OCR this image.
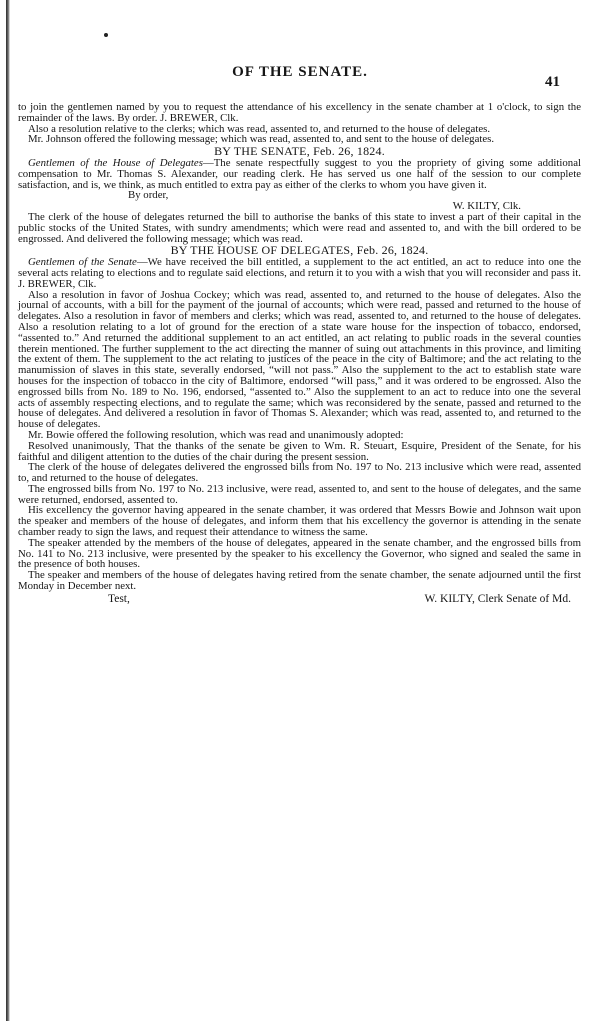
OF THE SENATE.
41

to join the gentlemen named by you to request the attendance of his excellency in the senate chamber at 1 o'clock, to sign the remainder of the laws. By order. J. BREWER, Clk.

Also a resolution relative to the clerks; which was read, assented to, and returned to the house of delegates.

Mr. Johnson offered the following message; which was read, assented to, and sent to the house of delegates.

BY THE SENATE, Feb. 26, 1824.

Gentlemen of the House of Delegates—The senate respectfully suggest to you the propriety of giving some additional compensation to Mr. Thomas S. Alexander, our reading clerk. He has served us one half of the session to our complete satisfaction, and is, we think, as much entitled to extra pay as either of the clerks to whom you have given it.

By order,

W. KILTY, Clk.

The clerk of the house of delegates returned the bill to authorise the banks of this state to invest a part of their capital in the public stocks of the United States, with sundry amendments; which were read and assented to, and with the bill ordered to be engrossed. And delivered the following message; which was read.

BY THE HOUSE OF DELEGATES, Feb. 26, 1824.

Gentlemen of the Senate—We have received the bill entitled, a supplement to the act entitled, an act to reduce into one the several acts relating to elections and to regulate said elections, and return it to you with a wish that you will reconsider and pass it. J. BREWER, Clk.

Also a resolution in favor of Joshua Cockey; which was read, assented to, and returned to the house of delegates. Also the journal of accounts, with a bill for the payment of the journal of accounts; which were read, passed and returned to the house of delegates. Also a resolution in favor of members and clerks; which was read, assented to, and returned to the house of delegates. Also a resolution relating to a lot of ground for the erection of a state ware house for the inspection of tobacco, endorsed, “assented to.” And returned the additional supplement to an act entitled, an act relating to public roads in the several counties therein mentioned. The further supplement to the act directing the manner of suing out attachments in this province, and limiting the extent of them. The supplement to the act relating to justices of the peace in the city of Baltimore; and the act relating to the manumission of slaves in this state, severally endorsed, “will not pass.” Also the supplement to the act to establish state ware houses for the inspection of tobacco in the city of Baltimore, endorsed “will pass,” and it was ordered to be engrossed. Also the engrossed bills from No. 189 to No. 196, endorsed, “assented to.” Also the supplement to an act to reduce into one the several acts of assembly respecting elections, and to regulate the same; which was reconsidered by the senate, passed and returned to the house of delegates. And delivered a resolution in favor of Thomas S. Alexander; which was read, assented to, and returned to the house of delegates.

Mr. Bowie offered the following resolution, which was read and unanimously adopted:

Resolved unanimously, That the thanks of the senate be given to Wm. R. Steuart, Esquire, President of the Senate, for his faithful and diligent attention to the duties of the chair during the present session.

The clerk of the house of delegates delivered the engrossed bills from No. 197 to No. 213 inclusive which were read, assented to, and returned to the house of delegates.

The engrossed bills from No. 197 to No. 213 inclusive, were read, assented to, and sent to the house of delegates, and the same were returned, endorsed, assented to.

His excellency the governor having appeared in the senate chamber, it was ordered that Messrs Bowie and Johnson wait upon the speaker and members of the house of delegates, and inform them that his excellency the governor is attending in the senate chamber ready to sign the laws, and request their attendance to witness the same.

The speaker attended by the members of the house of delegates, appeared in the senate chamber, and the engrossed bills from No. 141 to No. 213 inclusive, were presented by the speaker to his excellency the Governor, who signed and sealed the same in the presence of both houses.

The speaker and members of the house of delegates having retired from the senate chamber, the senate adjourned until the first Monday in December next.

Test,	W. KILTY, Clerk Senate of Md.
